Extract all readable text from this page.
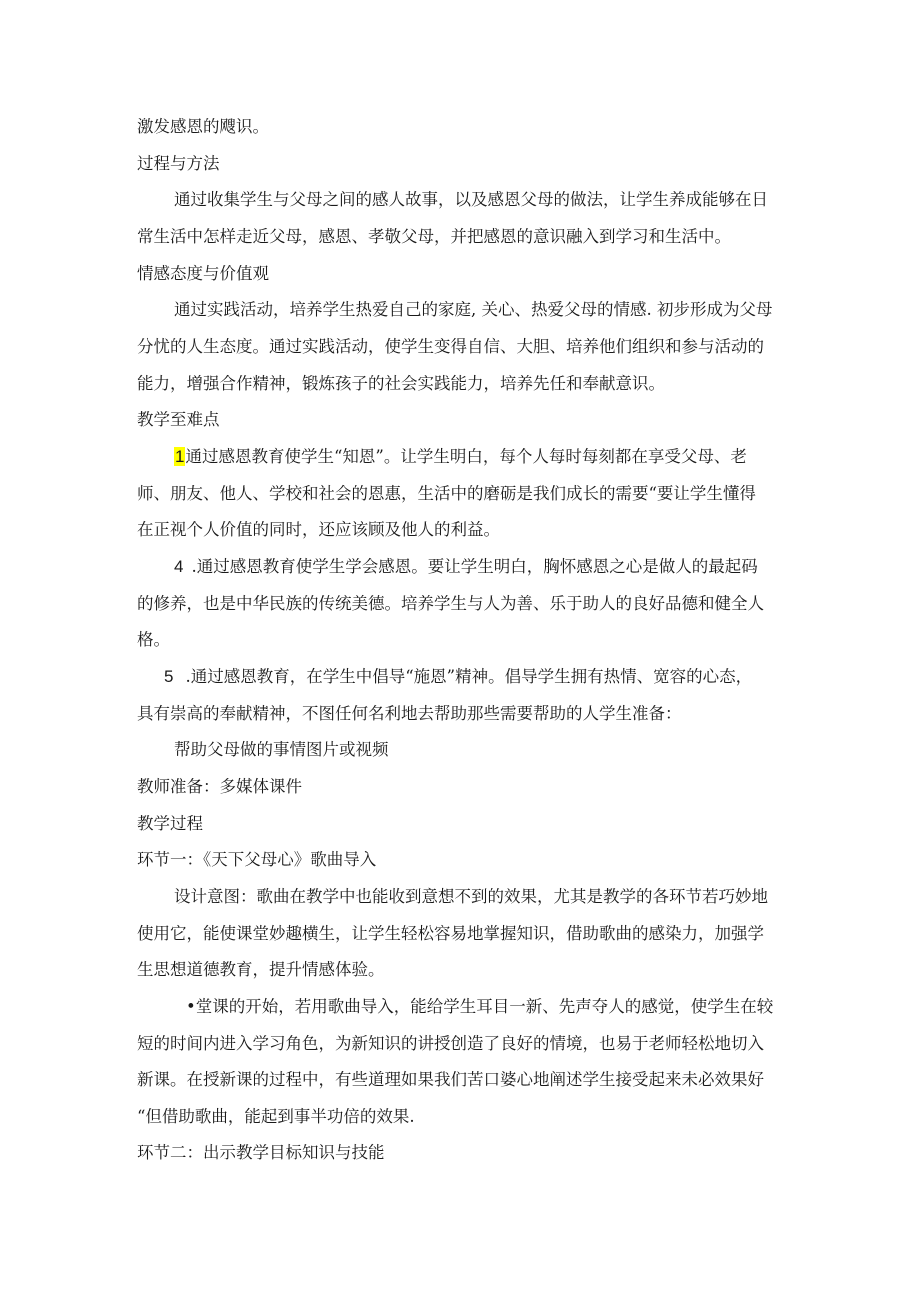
激发感恩的飕识。

过程与方法

通过收集学生与父母之间的感人故事，以及感恩父母的做法，让学生养成能够在日

常生活中怎样走近父母，感恩、孝敬父母，并把感恩的意识融入到学习和生活中。

情感态度与价值观

通过实践活动，培养学生热爱自己的家庭, 关心、热爱父母的情感. 初步形成为父母

分忧的人生态度。通过实践活动，使学生变得自信、大胆、培养他们组织和参与活动的

能力，增强合作精神，锻炼孩子的社会实践能力，培养先任和奉献意识。

教学至难点

1通过感恩教育使学生“知恩”。让学生明白，每个人每时每刻都在享受父母、老

师、朋友、他人、学校和社会的恩惠，生活中的磨砺是我们成长的需要“要让学生懂得

在正视个人价值的同时，还应该顾及他人的利益。

4 .通过感恩教育使学生学会感恩。要让学生明白，胸怀感恩之心是做人的最起码

的修养，也是中华民族的传统美德。培养学生与人为善、乐于助人的良好品德和健全人

格。

5 .通过感恩教育，在学生中倡导“施恩”精神。倡导学生拥有热情、宽容的心态，

具有崇高的奉献精神，不图任何名利地去帮助那些需要帮助的人学生准备：

帮助父母做的事情图片或视频

教师准备：多媒体课件

教学过程

环节一：《天下父母心》歌曲导入

设计意图：歌曲在教学中也能收到意想不到的效果，尤其是教学的各环节若巧妙地

使用它，能使课堂妙趣横生，让学生轻松容易地掌握知识，借助歌曲的感染力，加强学

生思想道德教育，提升情感体验。

•堂课的开始，若用歌曲导入，能给学生耳目一新、先声夺人的感觉，使学生在较

短的时间内进入学习角色，为新知识的讲授创造了良好的情境，也易于老师轻松地切入

新课。在授新课的过程中，有些道理如果我们苦口婆心地阐述学生接受起来未必效果好

“但借助歌曲，能起到事半功倍的效果.

环节二：出示教学目标知识与技能
